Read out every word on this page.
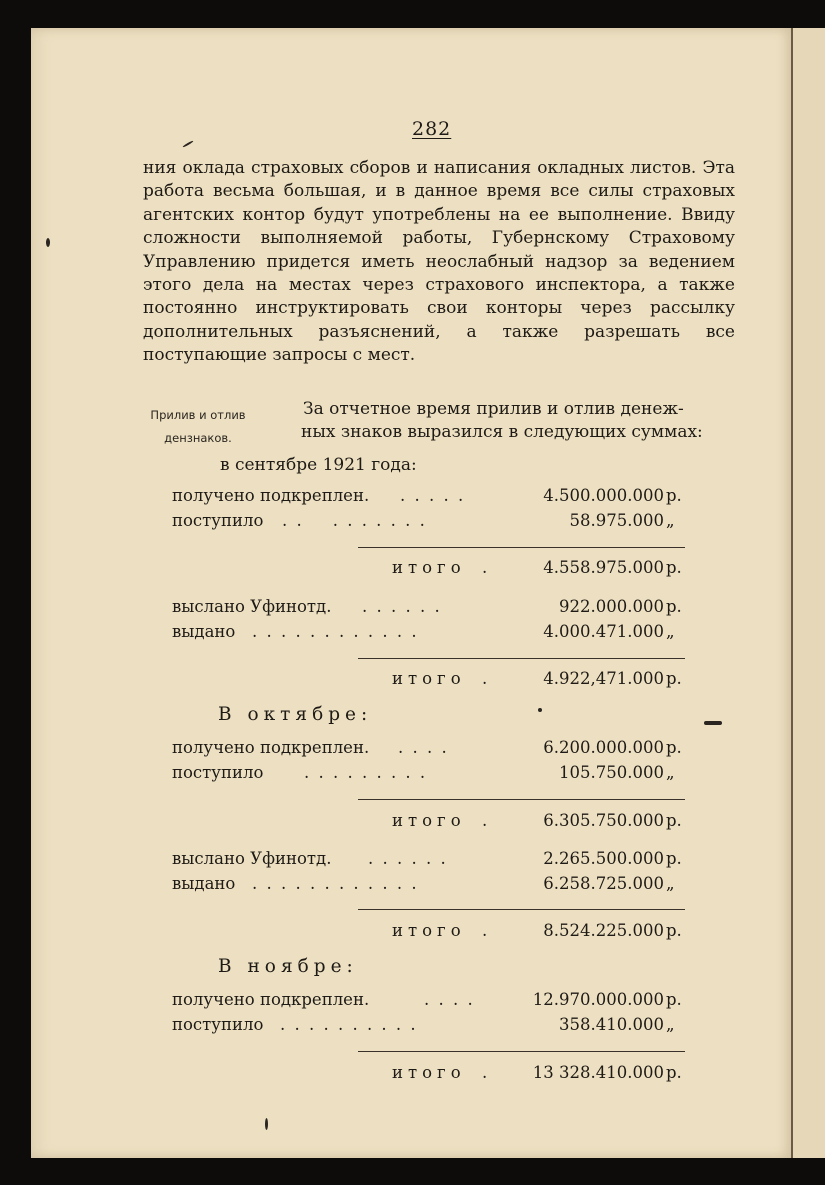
282

ния оклада страховых сборов и написания окладных листов. Эта работа весьма большая, и в данное время все силы страховых агентских контор будут употреблены на ее выполнение. Ввиду сложности выполняемой работы, Губернскому Страховому Управлению придется иметь неослабный надзор за ведением этого дела на местах через страхового инспектора, а также постоянно инструктировать свои конторы через рассылку дополнительных разъяснений, а также разрешать все поступающие запросы с мест.

Прилив и отлив
дензнаков.
За отчетное время прилив и отлив денеж-
ных знаков выразился в следующих суммах:
в сентябре 1921 года:
получено подкреплен. . . . . .	4.500.000.000 р.
поступило . .    . . . . . . .	58.975.000 „
итого .	4.558.975.000 р.
выслано Уфинотд. . . . . . .	922.000.000 р.
выдано . . . . . . . . . . . .	4.000.471.000 „
итого .	4.922,471.000 р.
В октябре:
получено подкреплен. . . . .	6.200.000.000 р.
поступило . . . . . . . . .	105.750.000 „
итого .	6.305.750.000 р.
выслано Уфинотд. . . . . . .	2.265.500.000 р.
выдано . . . . . . . . . . . .	6.258.725.000 „
итого .	8.524.225.000 р.
В ноябре:
получено подкреплен.	. . . .	12.970.000.000 р.
поступило . . . . . . . . . .	358.410.000 „
итого .	13 328.410.000 р.
